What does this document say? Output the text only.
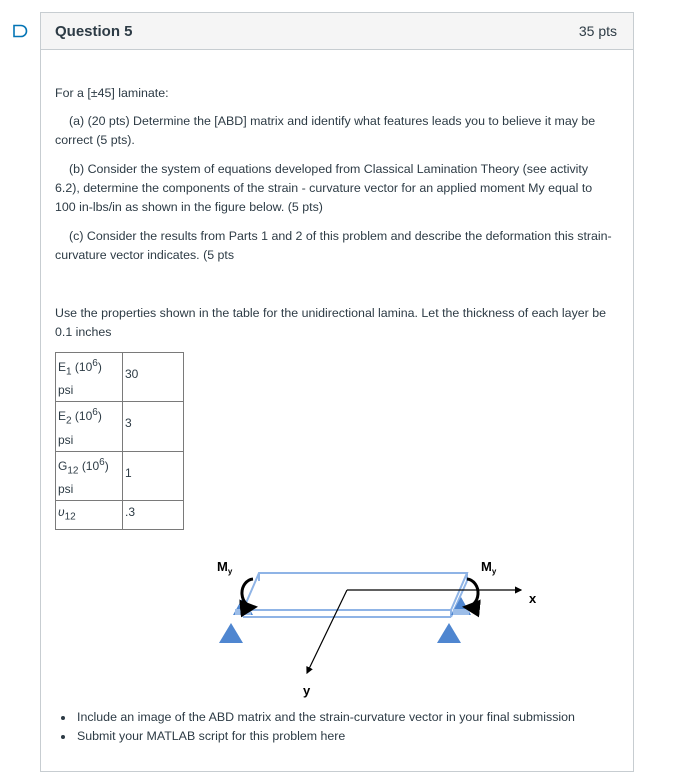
Question 5	35 pts

For a [±45] laminate:

(a) (20 pts) Determine the [ABD] matrix and identify what features leads you to believe it may be correct (5 pts).

(b) Consider the system of equations developed from Classical Lamination Theory (see activity 6.2), determine the components of the strain - curvature vector for an applied moment My equal to 100 in-lbs/in as shown in the figure below. (5 pts)

(c) Consider the results from Parts 1 and 2 of this problem and describe the deformation this strain-curvature vector indicates. (5 pts

Use the properties shown in the table for the unidirectional lamina. Let the thickness of each layer be 0.1 inches

$E_1$ $(10^6)$
psi	30
$E_2$ $(10^6)$
psi	3
$G_{12}$ $(10^6)$
psi	1
$\upsilon_{12}$	.3
$M_y$	$M_y$
x
y
• Include an image of the ABD matrix and the strain-curvature vector in your final submission
• Submit your MATLAB script for this problem here
